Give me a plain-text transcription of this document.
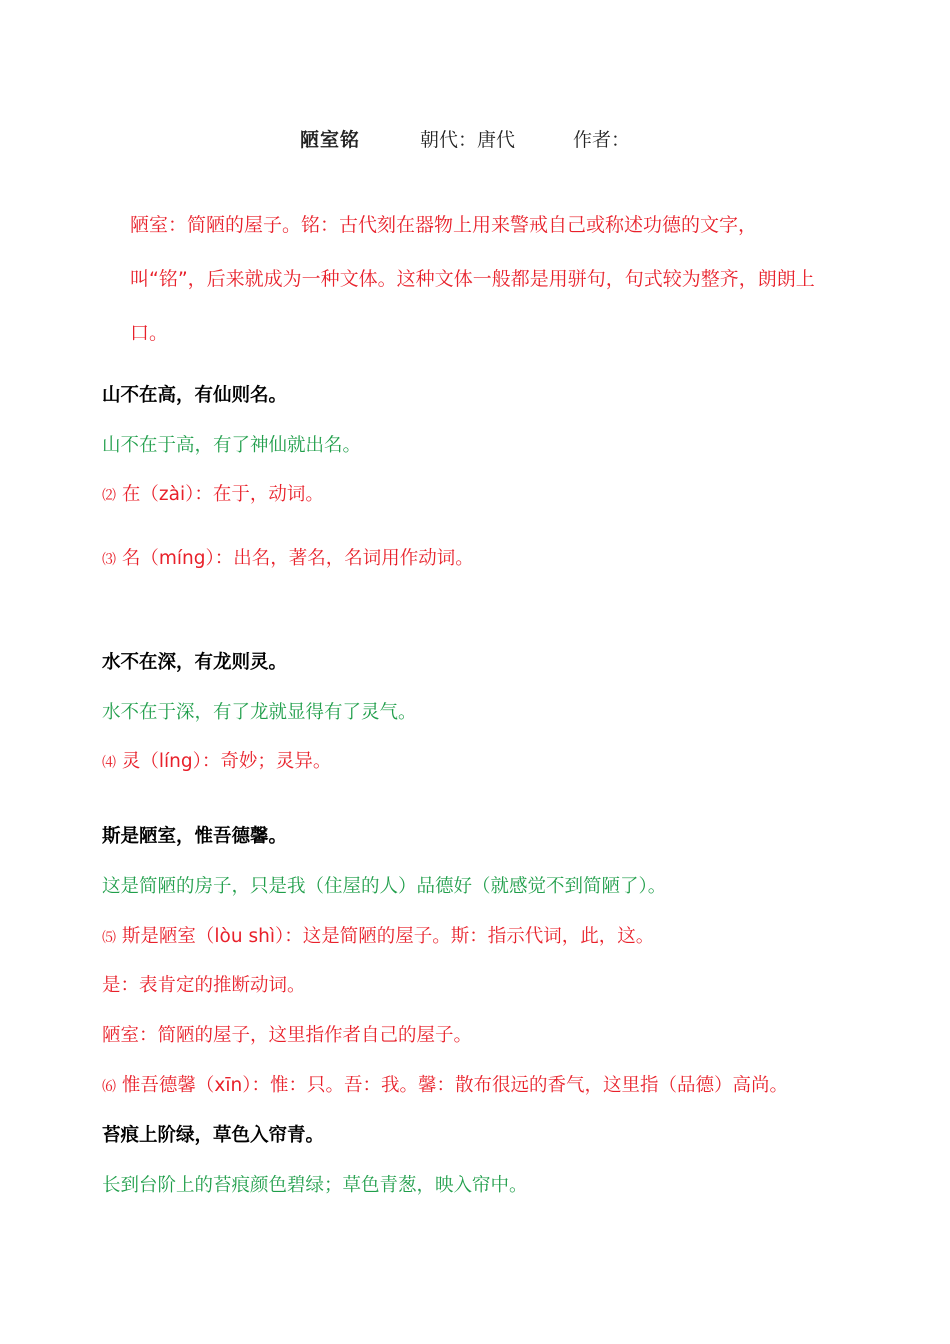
陋室铭	朝代：唐代	作者：
陋室：简陋的屋子。铭：古代刻在器物上用来警戒自己或称述功德的文字，叫“铭”，后来就成为一种文体。这种文体一般都是用骈句，句式较为整齐，朗朗上口。
山不在高，有仙则名。
山不在于高，有了神仙就出名。
⑵ 在（zài）：在于，动词。
⑶ 名（míng）：出名，著名，名词用作动词。
水不在深，有龙则灵。
水不在于深，有了龙就显得有了灵气。
⑷ 灵（líng）：奇妙；灵异。
斯是陋室，惟吾德馨。
这是简陋的房子，只是我（住屋的人）品德好（就感觉不到简陋了）。
⑸ 斯是陋室（lòu shì）：这是简陋的屋子。斯：指示代词，此，这。
是：表肯定的推断动词。
陋室：简陋的屋子，这里指作者自己的屋子。
⑹ 惟吾德馨（xīn）：惟：只。吾：我。馨：散布很远的香气，这里指（品德）高尚。
苔痕上阶绿，草色入帘青。
长到台阶上的苔痕颜色碧绿；草色青葱，映入帘中。
